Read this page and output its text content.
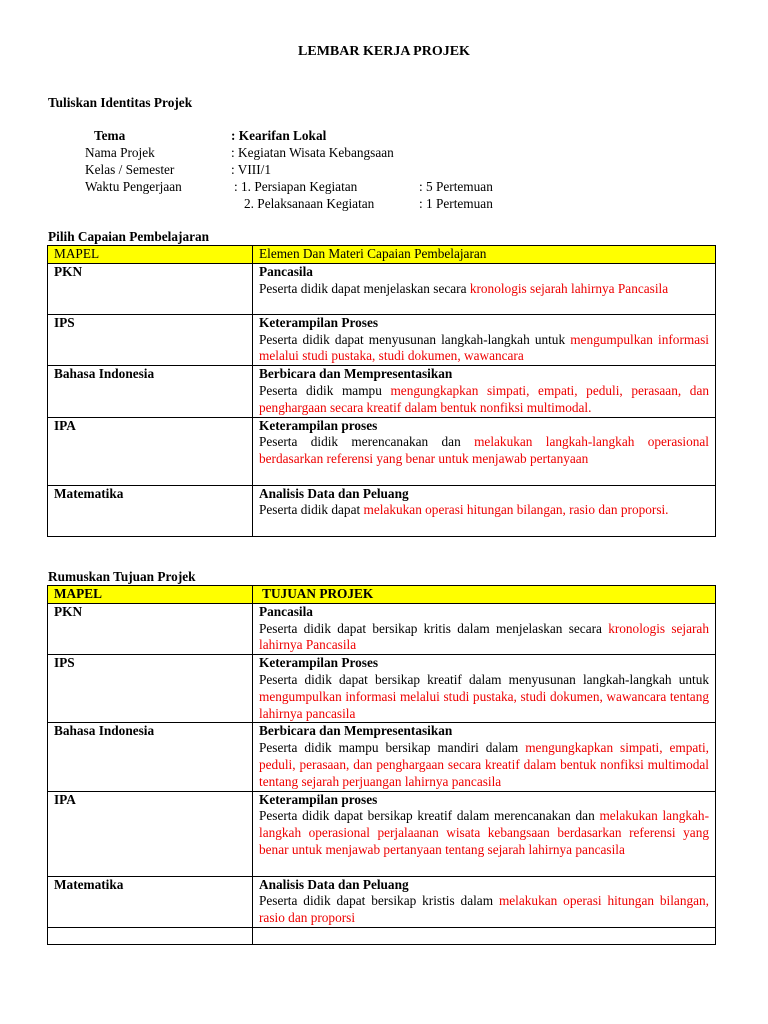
LEMBAR KERJA PROJEK
Tuliskan Identitas Projek
Tema	: Kearifan Lokal
Nama Projek	: Kegiatan Wisata Kebangsaan
Kelas / Semester	: VIII/1
Waktu Pengerjaan	: 1. Persiapan Kegiatan	: 5 Pertemuan
2. Pelaksanaan Kegiatan	: 1 Pertemuan
Pilih Capaian Pembelajaran
MAPEL	Elemen Dan Materi Capaian Pembelajaran
PKN	Pancasila
Peserta didik dapat menjelaskan secara kronologis sejarah lahirnya Pancasila

IPS	Keterampilan Proses
Peserta didik dapat menyusunan langkah-langkah untuk mengumpulkan informasi melalui studi pustaka, studi dokumen, wawancara

Bahasa Indonesia	Berbicara dan Mempresentasikan
Peserta didik mampu mengungkapkan simpati, empati, peduli, perasaan, dan penghargaan secara kreatif dalam bentuk nonfiksi multimodal.

IPA	Keterampilan proses
Peserta didik merencanakan dan melakukan langkah-langkah operasional berdasarkan referensi yang benar untuk menjawab pertanyaan

Matematika	Analisis Data dan Peluang
Peserta didik dapat melakukan operasi hitungan bilangan, rasio dan proporsi.
Rumuskan Tujuan Projek
MAPEL	TUJUAN PROJEK
PKN	Pancasila
Peserta didik dapat bersikap kritis dalam menjelaskan secara kronologis sejarah lahirnya Pancasila

IPS	Keterampilan Proses
Peserta didik dapat bersikap kreatif dalam menyusunan langkah-langkah untuk mengumpulkan informasi melalui studi pustaka, studi dokumen, wawancara tentang lahirnya pancasila

Bahasa Indonesia	Berbicara dan Mempresentasikan
Peserta didik mampu bersikap mandiri dalam mengungkapkan simpati, empati, peduli, perasaan, dan penghargaan secara kreatif dalam bentuk nonfiksi multimodal tentang sejarah perjuangan lahirnya pancasila

IPA	Keterampilan proses
Peserta didik dapat bersikap kreatif dalam merencanakan dan melakukan langkah-langkah operasional perjalaanan wisata kebangsaan berdasarkan referensi yang benar untuk menjawab pertanyaan tentang sejarah lahirnya pancasila

Matematika	Analisis Data dan Peluang
Peserta didik dapat bersikap kristis dalam melakukan operasi hitungan bilangan, rasio dan proporsi
